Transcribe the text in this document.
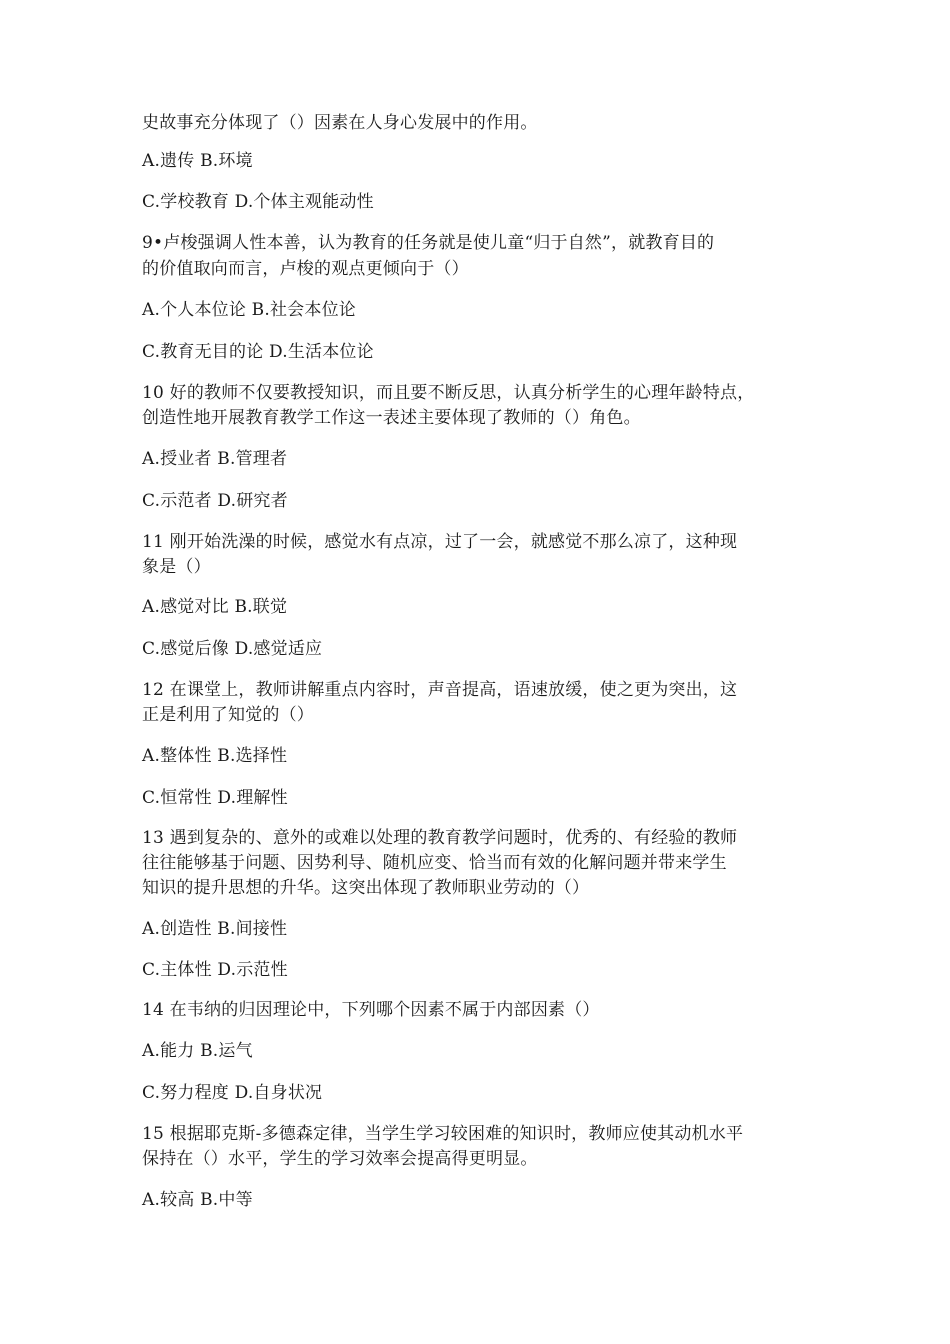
史故事充分体现了（）因素在人身心发展中的作用。
A.遗传 B.环境
C.学校教育 D.个体主观能动性
9•卢梭强调人性本善，认为教育的任务就是使儿童“归于自然”，就教育目的
的价值取向而言，卢梭的观点更倾向于（）
A.个人本位论 B.社会本位论
C.教育无目的论 D.生活本位论
10 好的教师不仅要教授知识，而且要不断反思，认真分析学生的心理年龄特点，
创造性地开展教育教学工作这一表述主要体现了教师的（）角色。
A.授业者 B.管理者
C.示范者 D.研究者
11 刚开始洗澡的时候，感觉水有点凉，过了一会，就感觉不那么凉了，这种现
象是（）
A.感觉对比 B.联觉
C.感觉后像 D.感觉适应
12 在课堂上，教师讲解重点内容时，声音提高，语速放缓，使之更为突出，这
正是利用了知觉的（）
A.整体性 B.选择性
C.恒常性 D.理解性
13 遇到复杂的、意外的或难以处理的教育教学问题时，优秀的、有经验的教师
往往能够基于问题、因势利导、随机应变、恰当而有效的化解问题并带来学生
知识的提升思想的升华。这突出体现了教师职业劳动的（）
A.创造性 B.间接性
C.主体性 D.示范性
14 在韦纳的归因理论中，下列哪个因素不属于内部因素（）
A.能力 B.运气
C.努力程度 D.自身状况
15 根据耶克斯-多德森定律，当学生学习较困难的知识时，教师应使其动机水平
保持在（）水平，学生的学习效率会提高得更明显。
A.较高 B.中等
